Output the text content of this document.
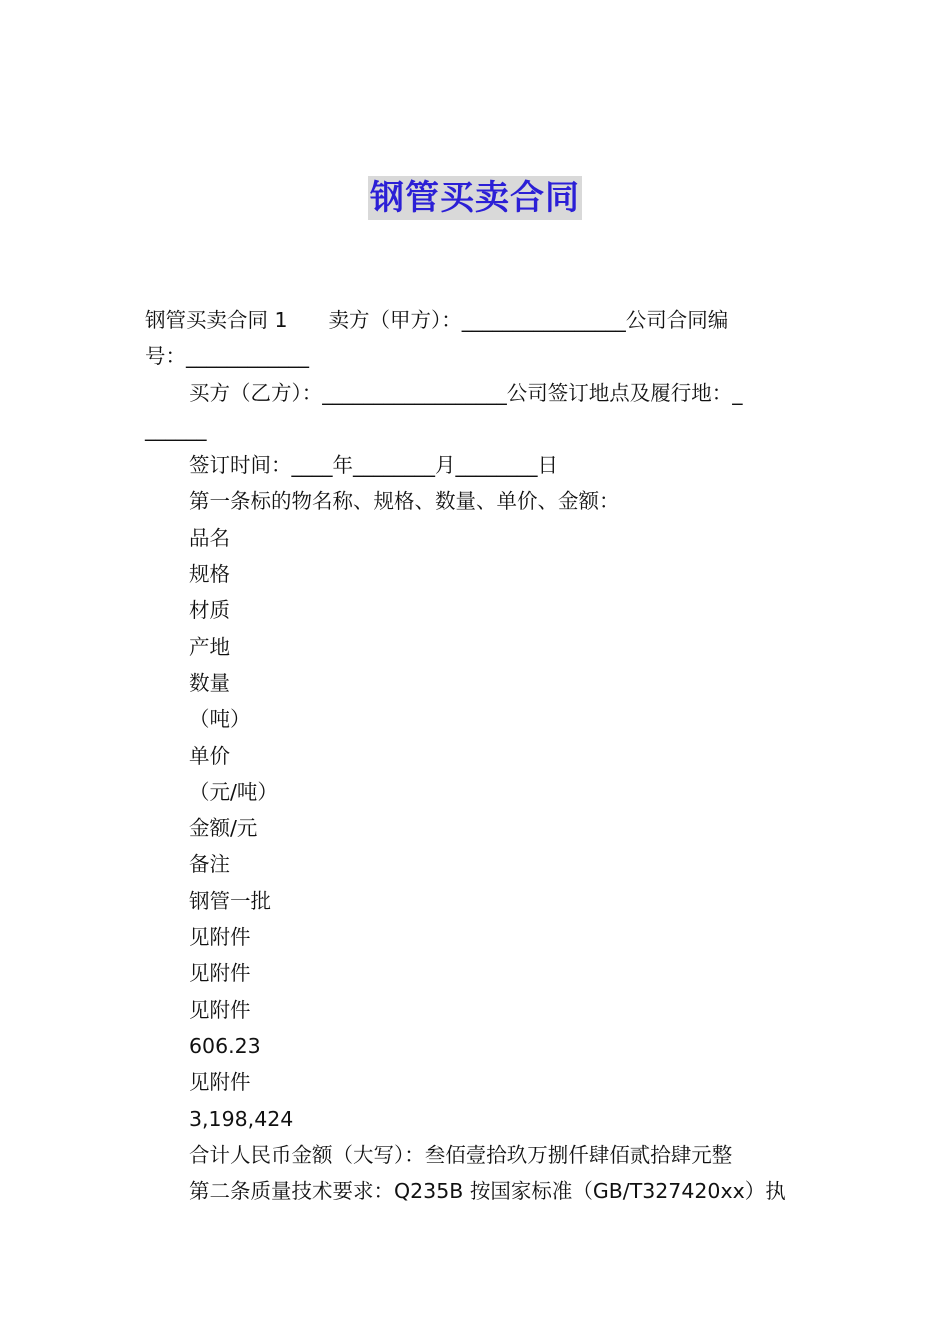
钢管买卖合同
钢管买卖合同 1　　卖方（甲方）：________________公司合同编
号：____________
买方（乙方）：__________________公司签订地点及履行地：_
______
签订时间：____年________月________日
第一条标的物名称、规格、数量、单价、金额：
品名
规格
材质
产地
数量
（吨）
单价
（元/吨）
金额/元
备注
钢管一批
见附件
见附件
见附件
606.23
见附件
3,198,424
合计人民币金额（大写）：叁佰壹拾玖万捌仟肆佰贰拾肆元整
第二条质量技术要求：Q235B 按国家标准（GB/T327420xx）执
